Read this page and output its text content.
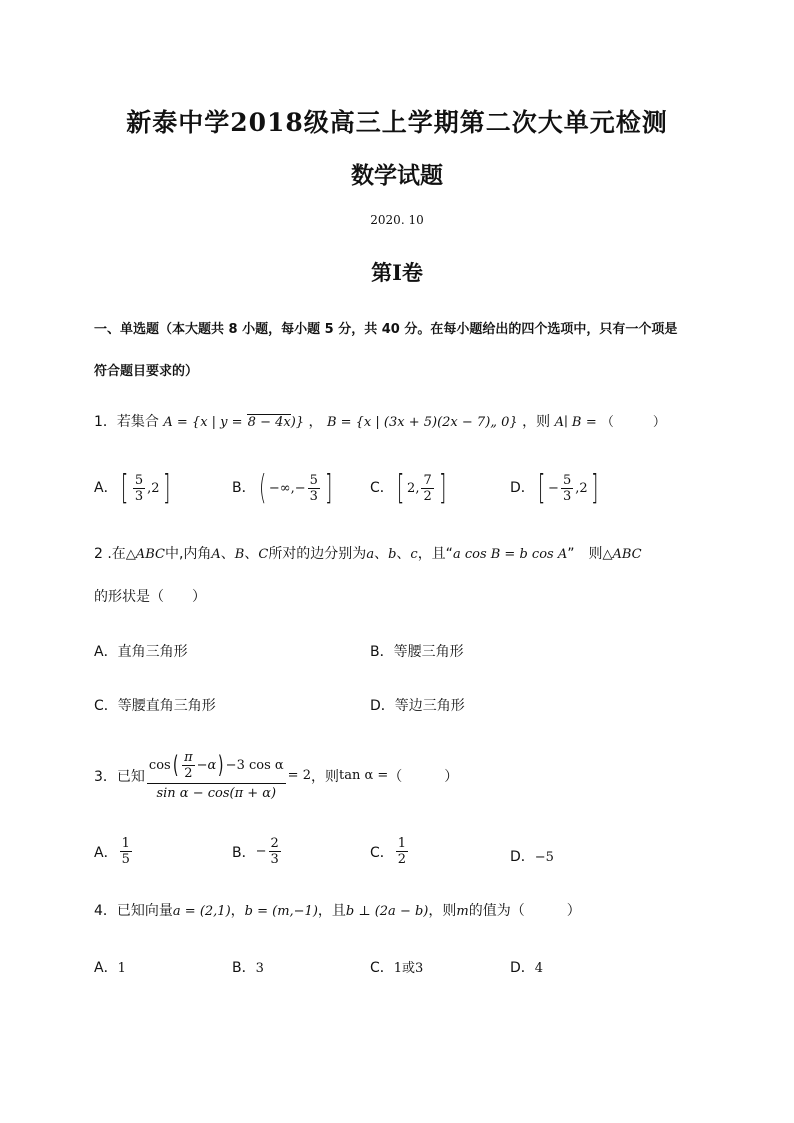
新泰中学2018级高三上学期第二次大单元检测
数学试题
2020. 10
第Ⅰ卷
一、单选题（本大题共 8 小题，每小题 5 分，共 40 分。在每小题给出的四个选项中，只有一个项是
符合题目要求的）
1．若集合 A = {x | y = 8 − 4x)} ， B = {x | (3x + 5)(2x − 7)„ 0} ，则 A∣ B = （　　　）
A．[ $\frac{5}{3} ,2$]	B．( −∞,− $\frac{5}{3}$ ]	C．[ 2, $\frac{7}{2}$ ]	D．[ − $\frac{5}{3} ,2$]
2 .在△ABC中,内角A、B、C所对的边分别为a、b、c，且“a cos B = b cos A”　则△ABC
的形状是（　　）
A．直角三角形	B．等腰三角形
C．等腰直角三角形	D．等边三角形
3．已知 $\frac{\cos ( \frac{\pi}{2} -\alpha ) -3 \cos \alpha}{\text{sin α − cos(π + α)}} = 2$ ，则 tan α = （　　　）
A． $\frac{1}{5}$	B． − $\frac{2}{3}$	C． $\frac{1}{2}$	D．−5
4．已知向量a = (2,1)，b = (m,−1)，且b ⊥ (2a − b)，则m的值为（　　　）
A．1	B．3	C．1或3	D．4
